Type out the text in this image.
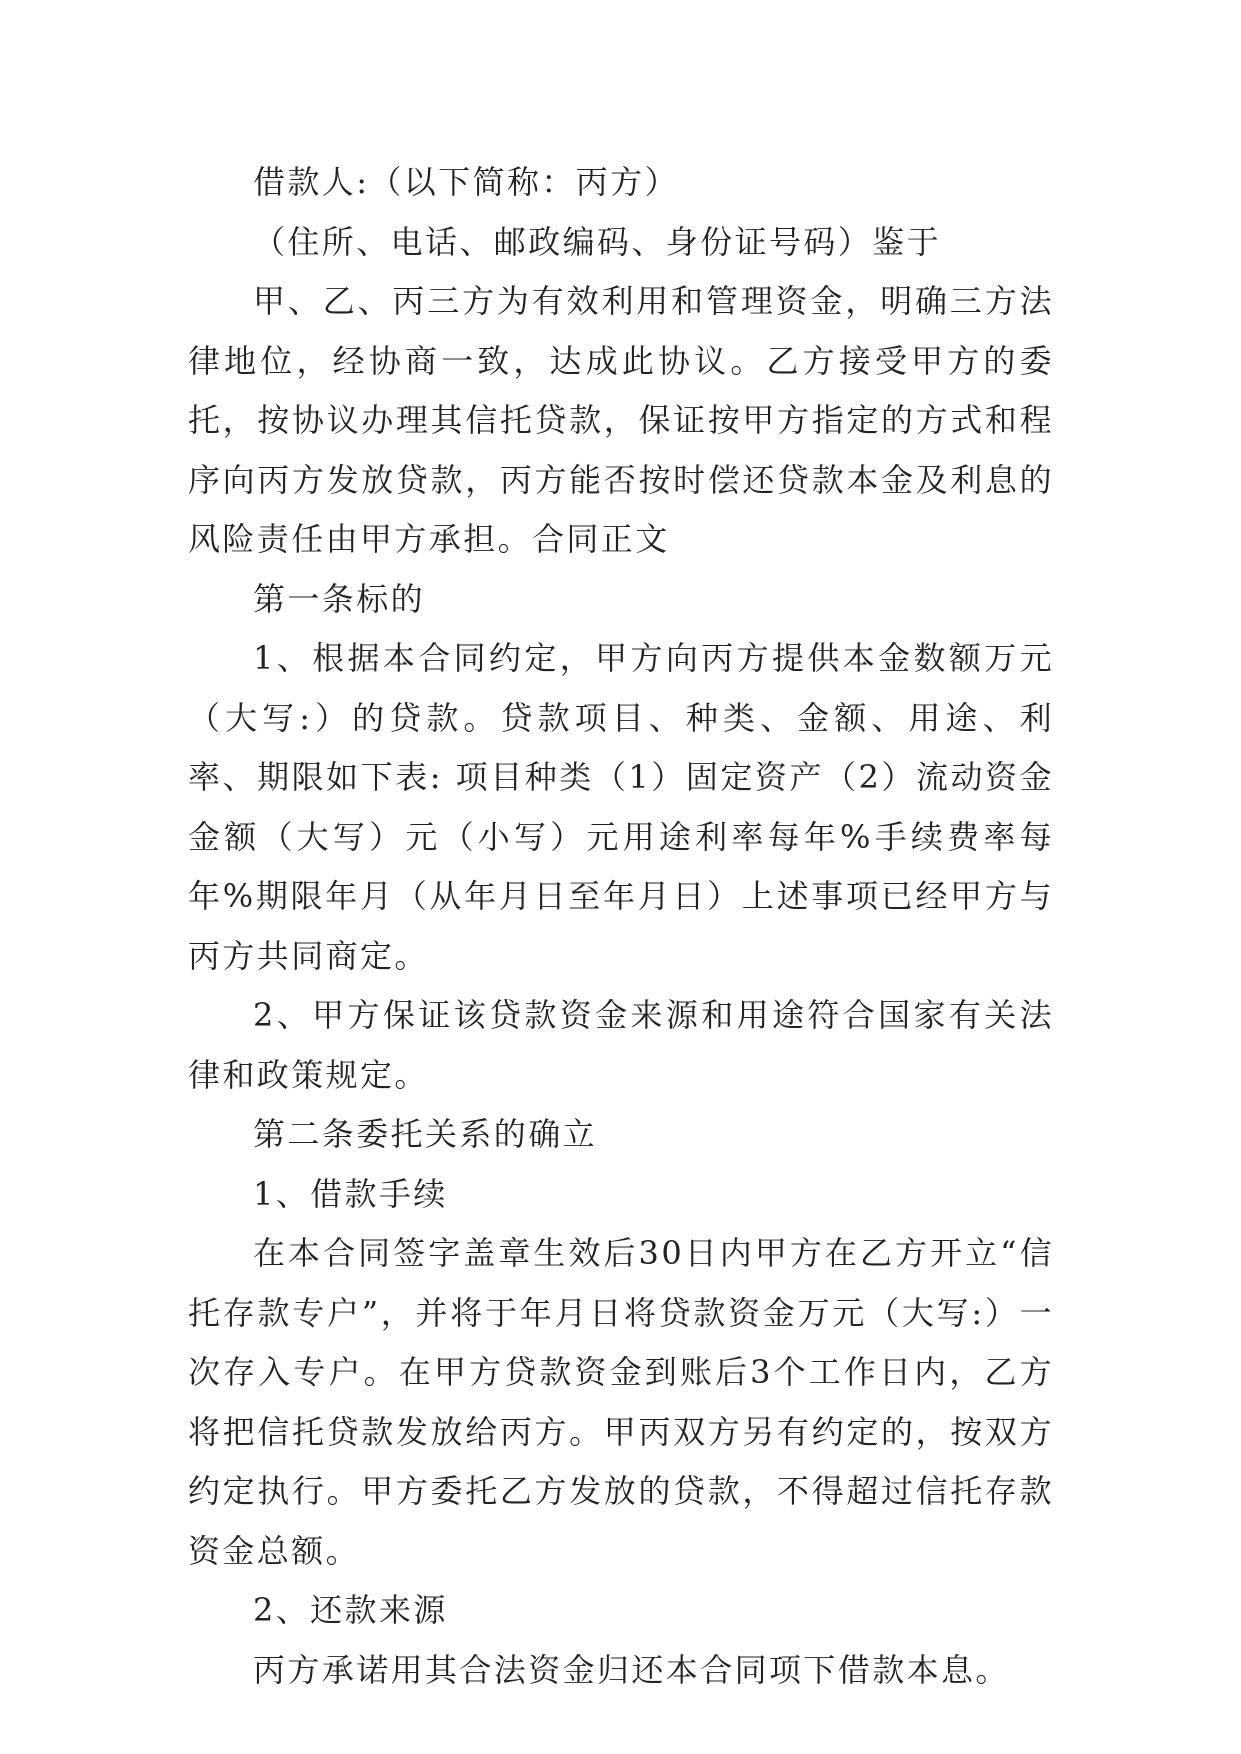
借款人:（以下简称：丙方）

（住所、电话、邮政编码、身份证号码）鉴于

甲、乙、丙三方为有效利用和管理资金，明确三方法律地位，经协商一致，达成此协议。乙方接受甲方的委托，按协议办理其信托贷款，保证按甲方指定的方式和程序向丙方发放贷款，丙方能否按时偿还贷款本金及利息的风险责任由甲方承担。合同正文

第一条标的

1、根据本合同约定，甲方向丙方提供本金数额万元（大写:）的贷款。贷款项目、种类、金额、用途、利率、期限如下表: 项目种类（1）固定资产（2）流动资金金额（大写）元（小写）元用途利率每年%手续费率每年%期限年月（从年月日至年月日）上述事项已经甲方与丙方共同商定。

2、甲方保证该贷款资金来源和用途符合国家有关法律和政策规定。

第二条委托关系的确立

1、借款手续

在本合同签字盖章生效后30日内甲方在乙方开立“信托存款专户”，并将于年月日将贷款资金万元（大写:）一次存入专户。在甲方贷款资金到账后3个工作日内，乙方将把信托贷款发放给丙方。甲丙双方另有约定的，按双方约定执行。甲方委托乙方发放的贷款，不得超过信托存款资金总额。

2、还款来源

丙方承诺用其合法资金归还本合同项下借款本息。
